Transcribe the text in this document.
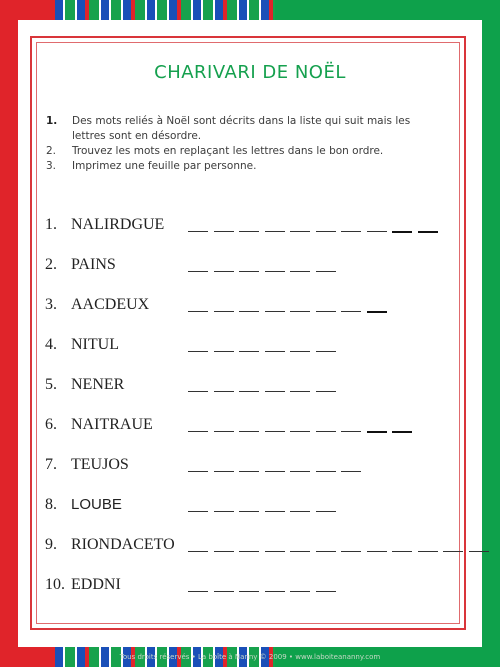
CHARIVARI DE NOËL
1. Des mots reliés à Noël sont décrits dans la liste qui suit mais les lettres sont en désordre.
2. Trouvez les mots en replaçant les lettres dans le bon ordre.
3. Imprimez une feuille par personne.
1. NALIRDGUE
2. PAINS
3. AACDEUX
4. NITUL
5. NENER
6. NAITRAUE
7. TEUJOS
8. LOUBE
9. RIONDACETO
10. EDDNI
Tous droits réservés • La boîte à Nanny © 2009 • www.laboiteananny.com
